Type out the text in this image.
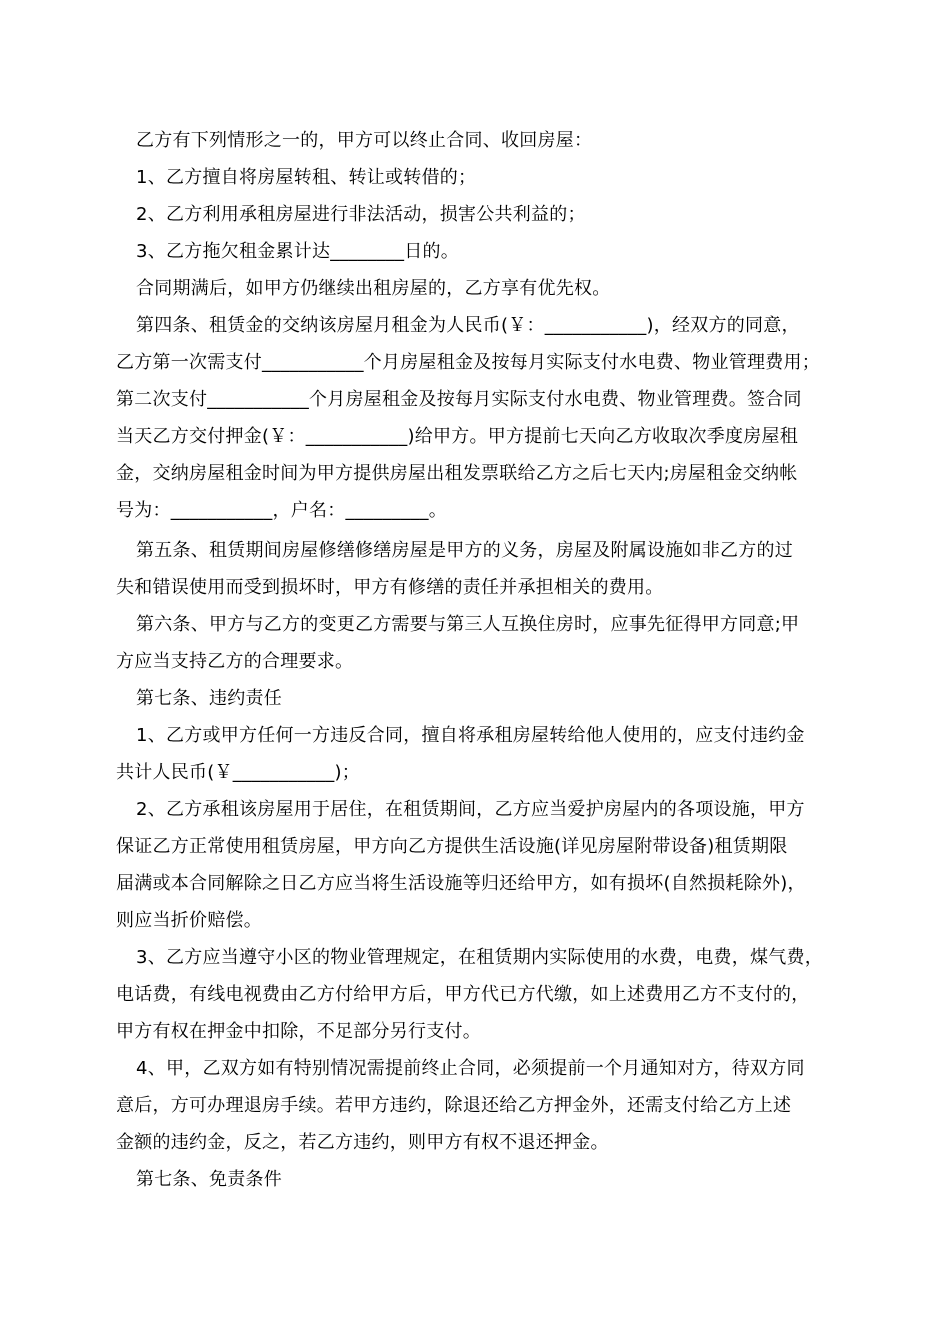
乙方有下列情形之一的，甲方可以终止合同、收回房屋：
1、乙方擅自将房屋转租、转让或转借的；
2、乙方利用承租房屋进行非法活动，损害公共利益的；
3、乙方拖欠租金累计达________日的。
合同期满后，如甲方仍继续出租房屋的，乙方享有优先权。
第四条、租赁金的交纳该房屋月租金为人民币(￥：___________)，经双方的同意，
乙方第一次需支付___________个月房屋租金及按每月实际支付水电费、物业管理费用；
第二次支付___________个月房屋租金及按每月实际支付水电费、物业管理费。签合同
当天乙方交付押金(￥：___________)给甲方。甲方提前七天向乙方收取次季度房屋租
金，交纳房屋租金时间为甲方提供房屋出租发票联给乙方之后七天内;房屋租金交纳帐
号为：___________，户名：_________。
第五条、租赁期间房屋修缮修缮房屋是甲方的义务，房屋及附属设施如非乙方的过
失和错误使用而受到损坏时，甲方有修缮的责任并承担相关的费用。
第六条、甲方与乙方的变更乙方需要与第三人互换住房时，应事先征得甲方同意;甲
方应当支持乙方的合理要求。
第七条、违约责任
1、乙方或甲方任何一方违反合同，擅自将承租房屋转给他人使用的，应支付违约金
共计人民币(￥___________)；
2、乙方承租该房屋用于居住，在租赁期间，乙方应当爱护房屋内的各项设施，甲方
保证乙方正常使用租赁房屋，甲方向乙方提供生活设施(详见房屋附带设备)租赁期限
届满或本合同解除之日乙方应当将生活设施等归还给甲方，如有损坏(自然损耗除外)，
则应当折价赔偿。
3、乙方应当遵守小区的物业管理规定，在租赁期内实际使用的水费，电费，煤气费，
电话费，有线电视费由乙方付给甲方后，甲方代已方代缴，如上述费用乙方不支付的，
甲方有权在押金中扣除，不足部分另行支付。
4、甲，乙双方如有特别情况需提前终止合同，必须提前一个月通知对方，待双方同
意后，方可办理退房手续。若甲方违约，除退还给乙方押金外，还需支付给乙方上述
金额的违约金，反之，若乙方违约，则甲方有权不退还押金。
第七条、免责条件
